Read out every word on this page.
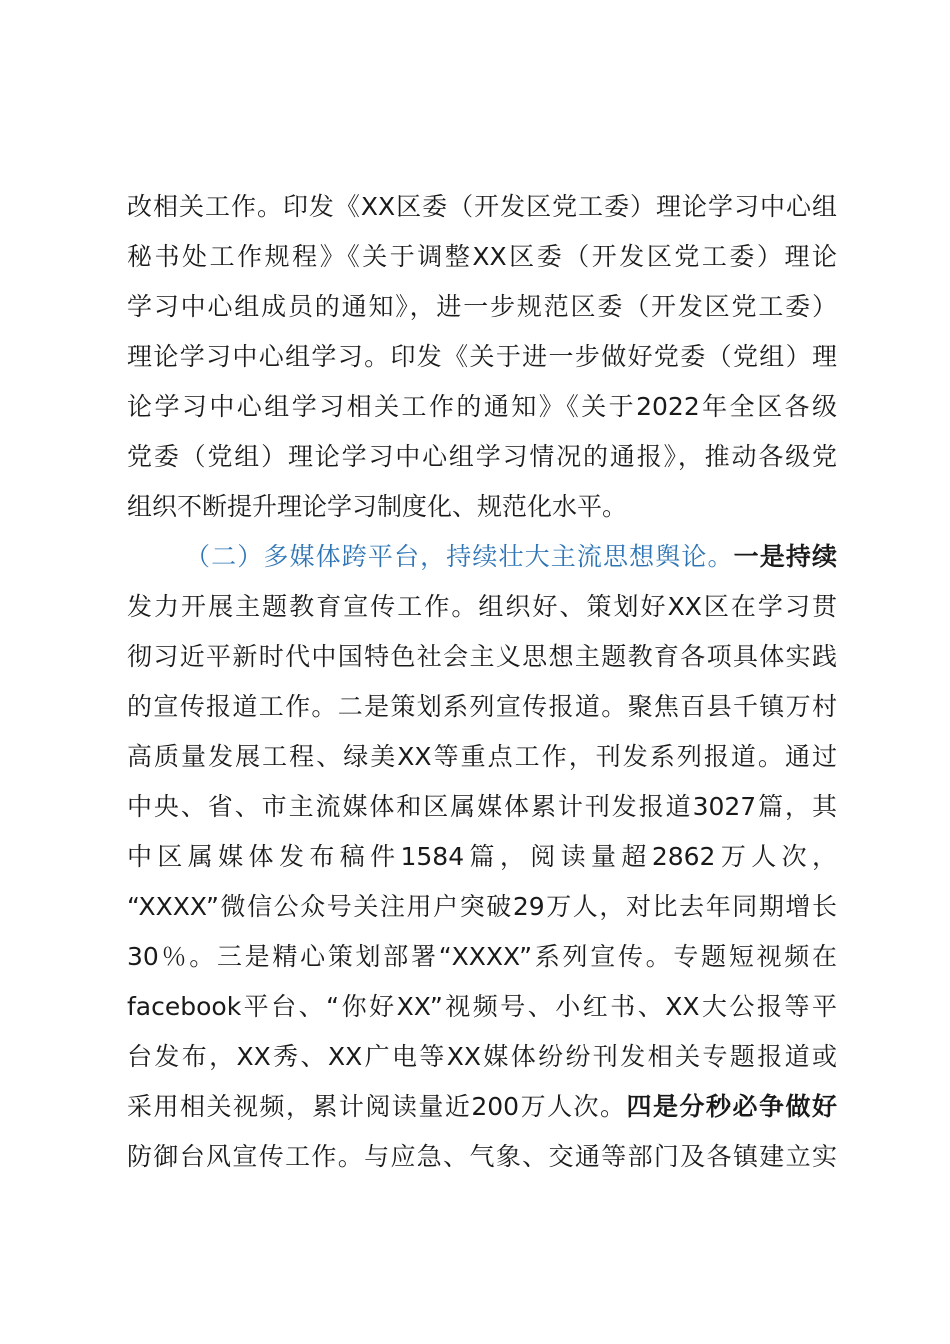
改相关工作。印发《XX区委（开发区党工委）理论学习中心组
秘书处工作规程》《关于调整XX区委（开发区党工委）理论
学习中心组成员的通知》，进一步规范区委（开发区党工委）
理论学习中心组学习。印发《关于进一步做好党委（党组）理
论学习中心组学习相关工作的通知》《关于2022年全区各级
党委（党组）理论学习中心组学习情况的通报》，推动各级党
组织不断提升理论学习制度化、规范化水平。
（二）多媒体跨平台，持续壮大主流思想舆论。一是持续
发力开展主题教育宣传工作。组织好、策划好XX区在学习贯
彻习近平新时代中国特色社会主义思想主题教育各项具体实践
的宣传报道工作。二是策划系列宣传报道。聚焦百县千镇万村
高质量发展工程、绿美XX等重点工作，刊发系列报道。通过
中央、省、市主流媒体和区属媒体累计刊发报道3027篇，其
中区属媒体发布稿件1584篇，阅读量超2862万人次，
“XXXX”微信公众号关注用户突破29万人，对比去年同期增长
30％。三是精心策划部署“XXXX”系列宣传。专题短视频在
facebook平台、“你好XX”视频号、小红书、XX大公报等平
台发布，XX秀、XX广电等XX媒体纷纷刊发相关专题报道或
采用相关视频，累计阅读量近200万人次。四是分秒必争做好
防御台风宣传工作。与应急、气象、交通等部门及各镇建立实
